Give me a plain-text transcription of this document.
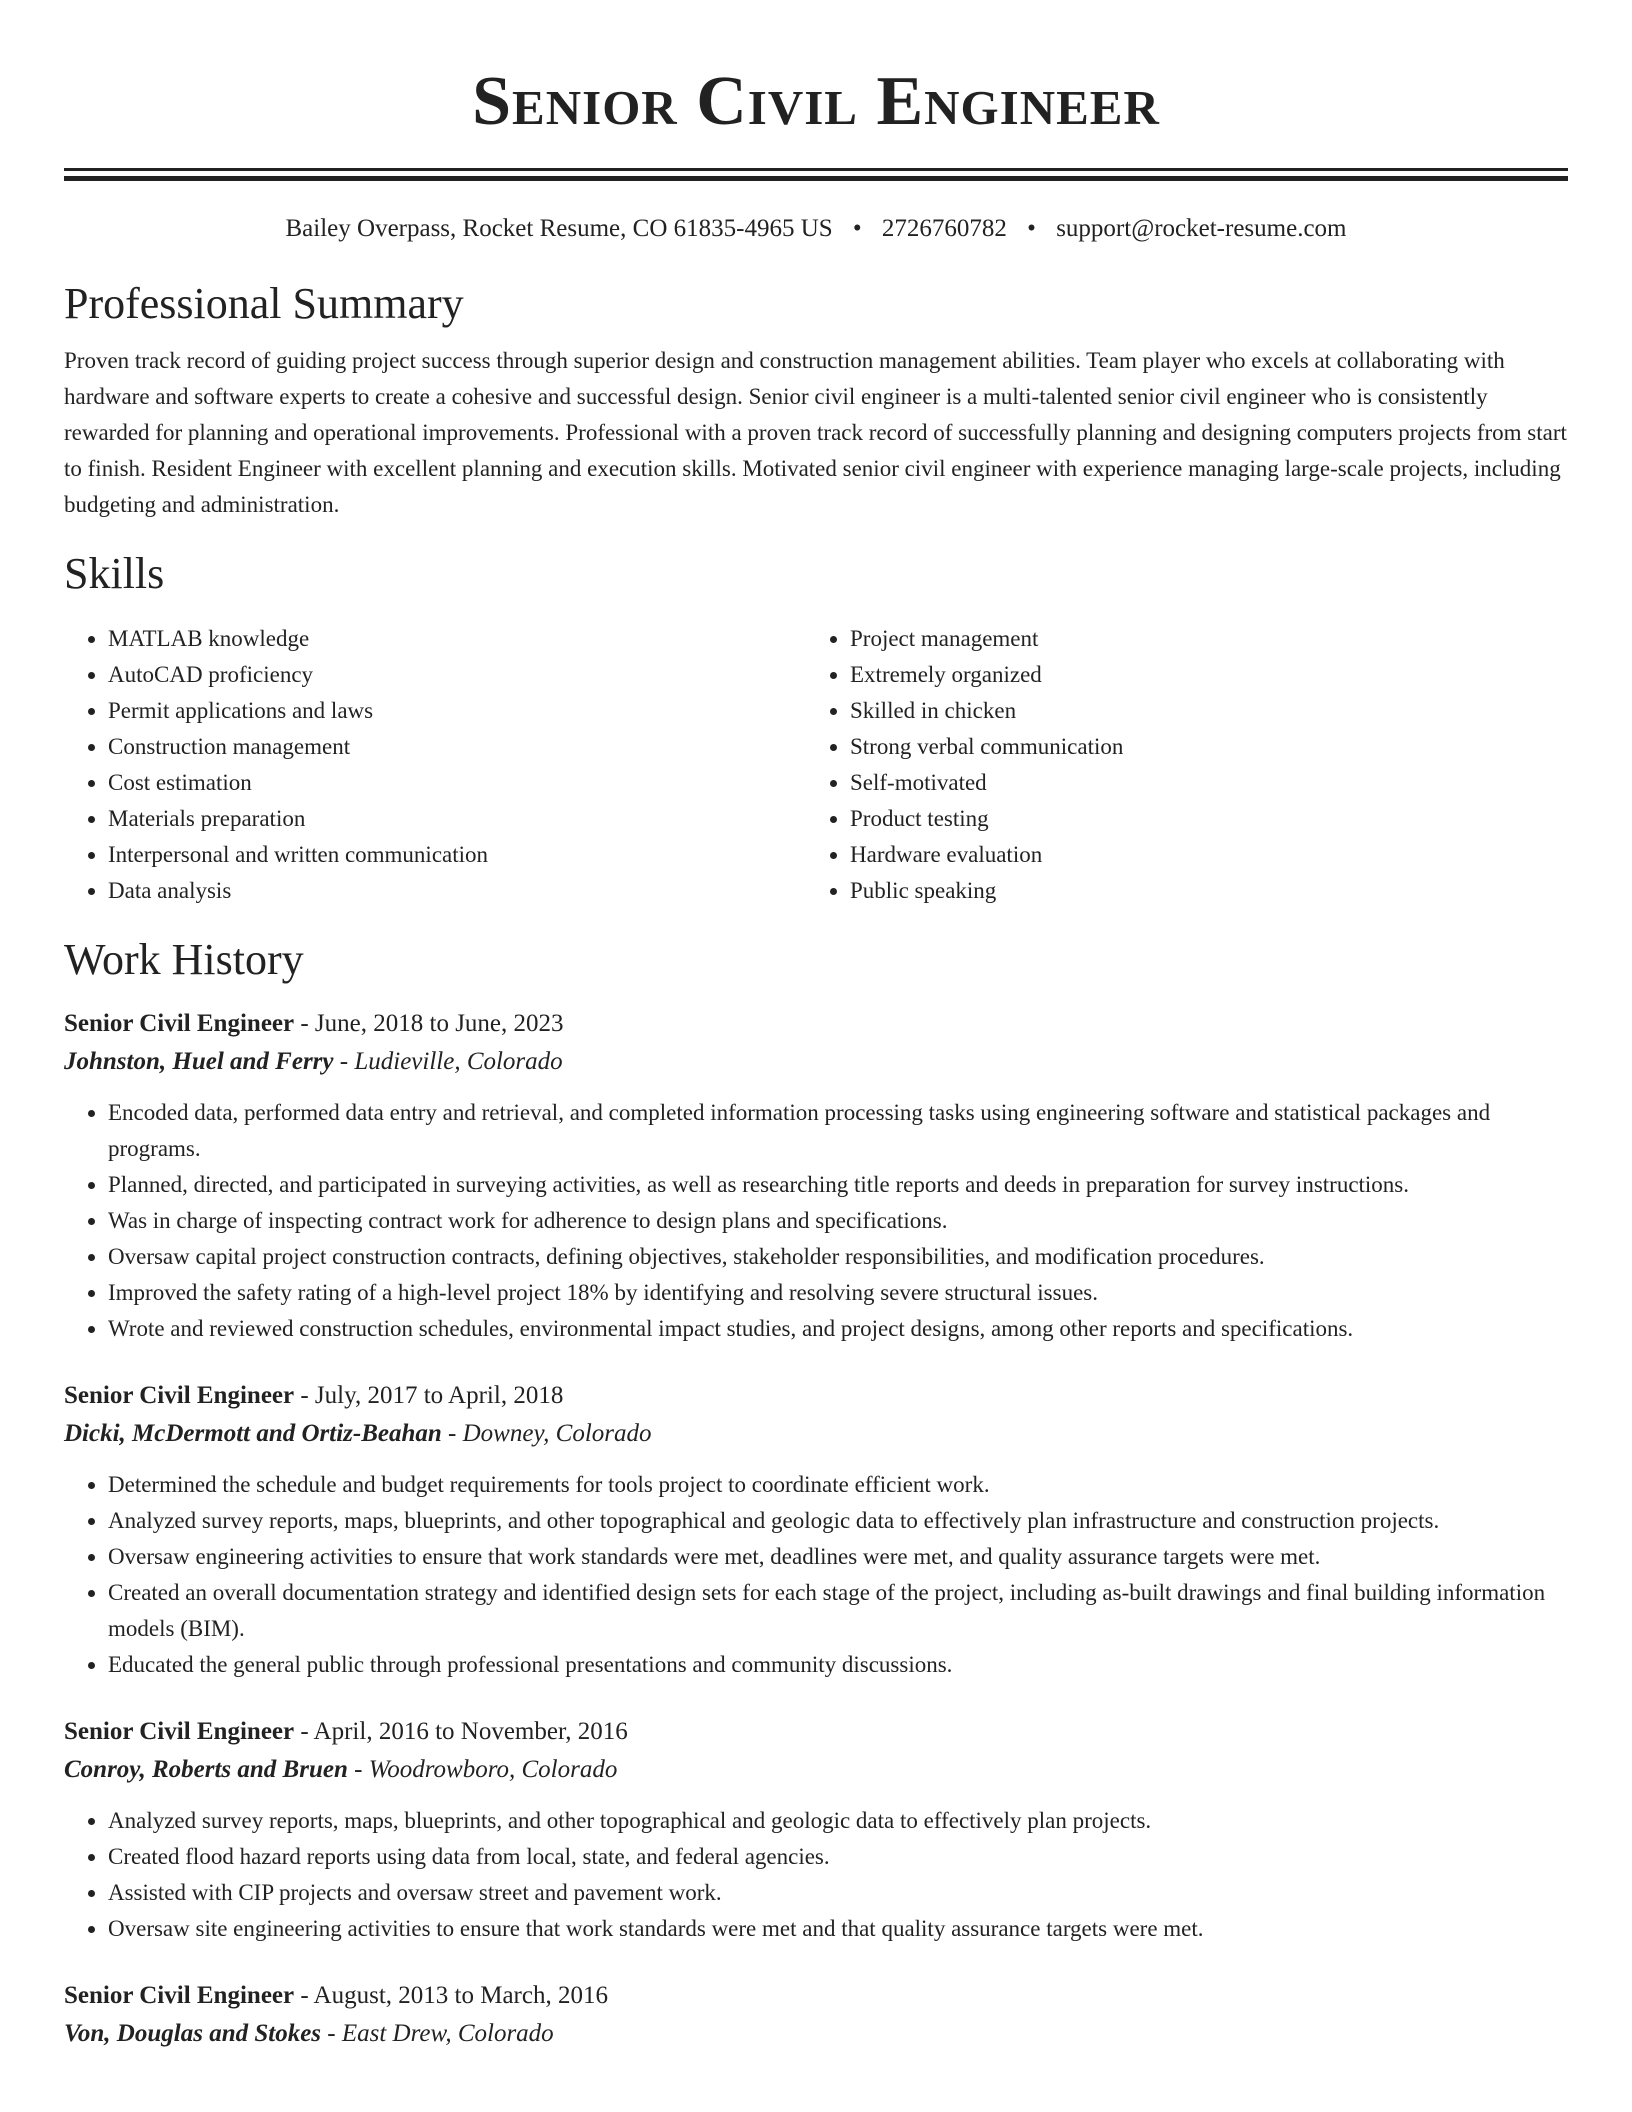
Senior Civil Engineer
Bailey Overpass, Rocket Resume, CO 61835-4965 US • 2726760782 • support@rocket-resume.com
Professional Summary

Proven track record of guiding project success through superior design and construction management abilities. Team player who excels at collaborating with hardware and software experts to create a cohesive and successful design. Senior civil engineer is a multi-talented senior civil engineer who is consistently rewarded for planning and operational improvements. Professional with a proven track record of successfully planning and designing computers projects from start to finish. Resident Engineer with excellent planning and execution skills. Motivated senior civil engineer with experience managing large-scale projects, including budgeting and administration.

Skills
• MATLAB knowledge
• AutoCAD proficiency
• Permit applications and laws
• Construction management
• Cost estimation
• Materials preparation
• Interpersonal and written communication
• Data analysis
• Project management
• Extremely organized
• Skilled in chicken
• Strong verbal communication
• Self-motivated
• Product testing
• Hardware evaluation
• Public speaking
Work History
Senior Civil Engineer - June, 2018 to June, 2023
Johnston, Huel and Ferry - Ludieville, Colorado
• Encoded data, performed data entry and retrieval, and completed information processing tasks using engineering software and statistical packages and programs.
• Planned, directed, and participated in surveying activities, as well as researching title reports and deeds in preparation for survey instructions.
• Was in charge of inspecting contract work for adherence to design plans and specifications.
• Oversaw capital project construction contracts, defining objectives, stakeholder responsibilities, and modification procedures.
• Improved the safety rating of a high-level project 18% by identifying and resolving severe structural issues.
• Wrote and reviewed construction schedules, environmental impact studies, and project designs, among other reports and specifications.
Senior Civil Engineer - July, 2017 to April, 2018
Dicki, McDermott and Ortiz-Beahan - Downey, Colorado
• Determined the schedule and budget requirements for tools project to coordinate efficient work.
• Analyzed survey reports, maps, blueprints, and other topographical and geologic data to effectively plan infrastructure and construction projects.
• Oversaw engineering activities to ensure that work standards were met, deadlines were met, and quality assurance targets were met.
• Created an overall documentation strategy and identified design sets for each stage of the project, including as-built drawings and final building information models (BIM).
• Educated the general public through professional presentations and community discussions.
Senior Civil Engineer - April, 2016 to November, 2016
Conroy, Roberts and Bruen - Woodrowboro, Colorado
• Analyzed survey reports, maps, blueprints, and other topographical and geologic data to effectively plan projects.
• Created flood hazard reports using data from local, state, and federal agencies.
• Assisted with CIP projects and oversaw street and pavement work.
• Oversaw site engineering activities to ensure that work standards were met and that quality assurance targets were met.
Senior Civil Engineer - August, 2013 to March, 2016
Von, Douglas and Stokes - East Drew, Colorado
